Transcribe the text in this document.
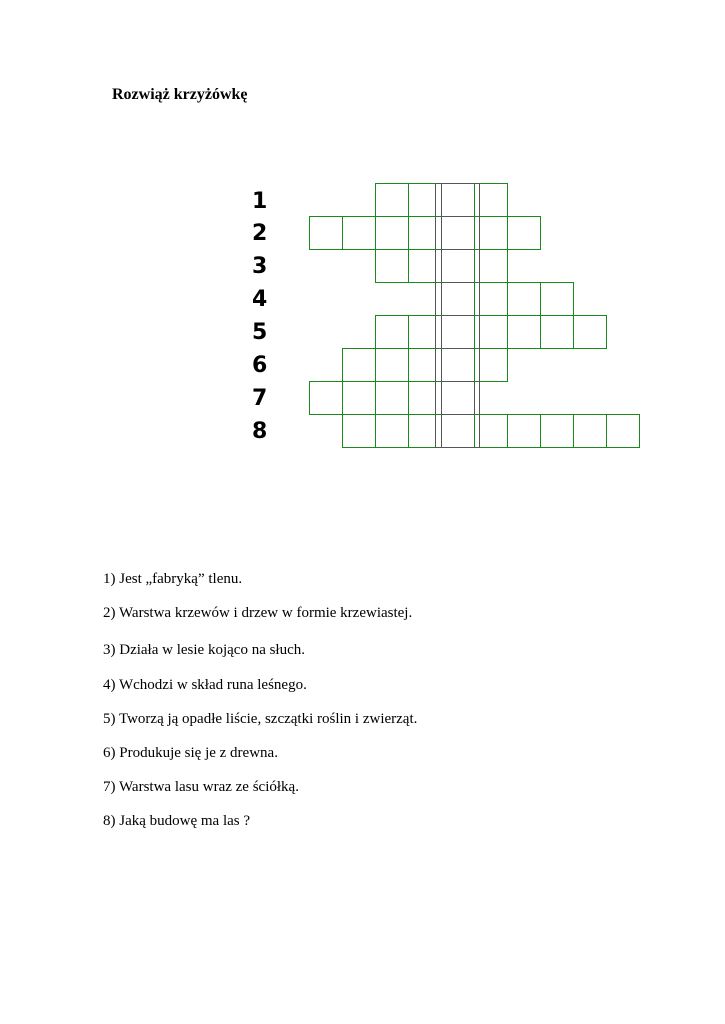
Rozwiąż krzyżówkę
1
2
3
4
5
6
7
8
1) Jest „fabryką” tlenu.
2) Warstwa krzewów i drzew w formie krzewiastej.
3) Działa w lesie kojąco na słuch.
4) Wchodzi w skład runa leśnego.
5) Tworzą ją opadłe liście, szczątki roślin i zwierząt.
6) Produkuje się je z drewna.
7) Warstwa lasu wraz ze ściółką.
8) Jaką budowę ma las ?
